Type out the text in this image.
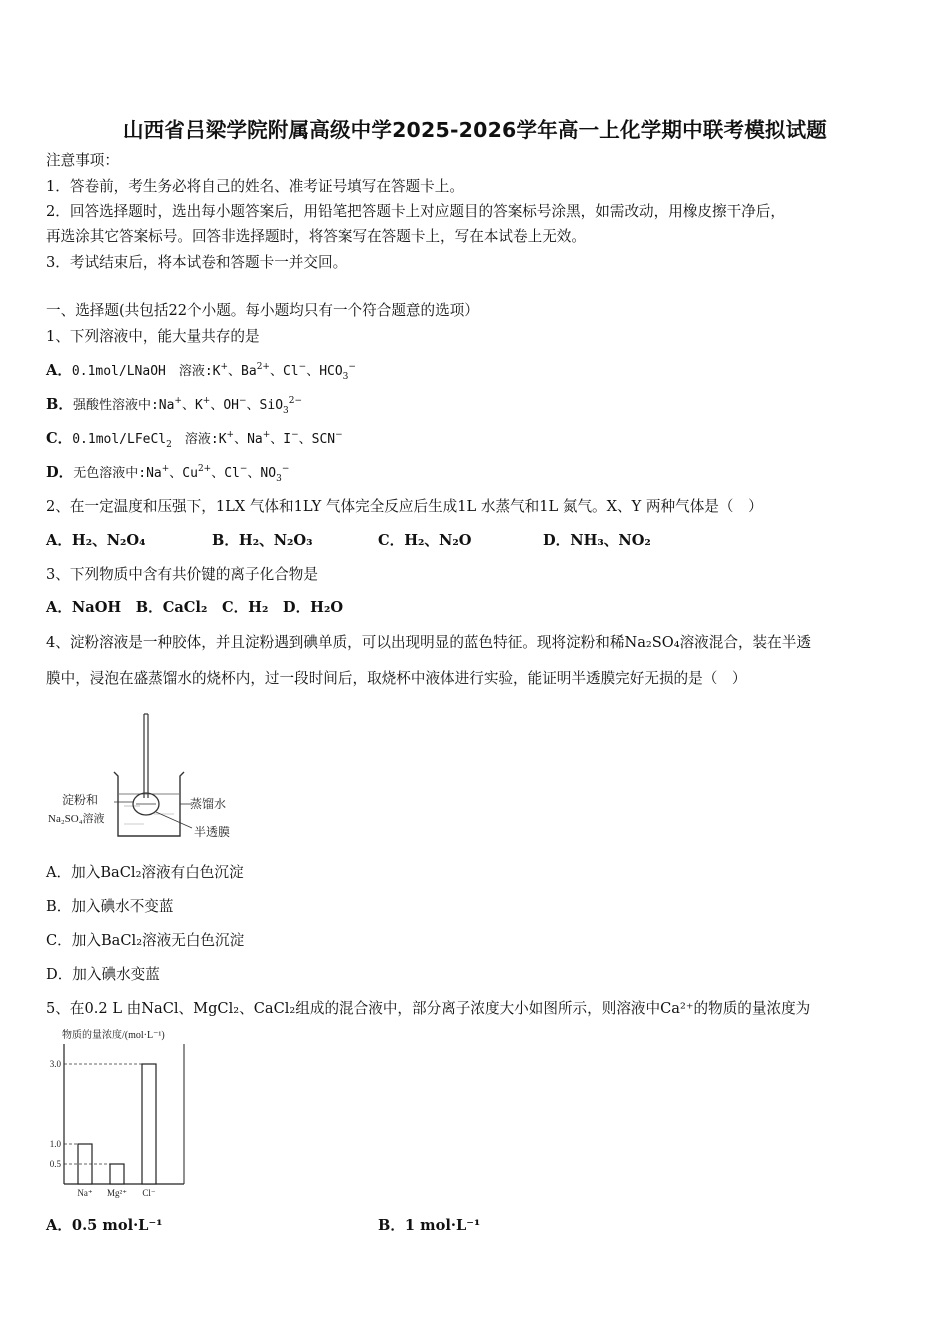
山西省吕梁学院附属高级中学2025-2026学年高一上化学期中联考模拟试题
注意事项：
1．答卷前，考生务必将自己的姓名、准考证号填写在答题卡上。
2．回答选择题时，选出每小题答案后，用铅笔把答题卡上对应题目的答案标号涂黑，如需改动，用橡皮擦干净后，
再选涂其它答案标号。回答非选择题时，将答案写在答题卡上，写在本试卷上无效。
3．考试结束后，将本试卷和答题卡一并交回。
一、选择题(共包括22个小题。每小题均只有一个符合题意的选项）
1、下列溶液中，能大量共存的是
A．0.1mol/LNaOH　溶液:K+、$Ba^{2+}$、Cl−、$HCO_3^-$
B．强酸性溶液中:Na+、K+、OH−、SiO$_3^{2-}$
C．0.1mol/LFeCl$_2$　溶液:K+、Na+、I−、SCN−
D．无色溶液中:Na+、$Cu^{2+}$、Cl−、$NO_3^-$
2、在一定温度和压强下，1LX 气体和1LY 气体完全反应后生成1L 水蒸气和1L 氮气。X、Y 两种气体是（　）
A．H₂、N₂O₄	B．H₂、N₂O₃	C．H₂、N₂O	D．NH₃、NO₂
3、下列物质中含有共价键的离子化合物是
A．NaOH　B．CaCl₂　C．H₂　D．H₂O
4、淀粉溶液是一种胶体，并且淀粉遇到碘单质，可以出现明显的蓝色特征。现将淀粉和稀Na₂SO₄溶液混合，装在半透
膜中，浸泡在盛蒸馏水的烧杯内，过一段时间后，取烧杯中液体进行实验，能证明半透膜完好无损的是（　）
淀粉和
Na₂SO₄溶液
蒸馏水
半透膜
A．加入BaCl₂溶液有白色沉淀
B．加入碘水不变蓝
C．加入BaCl₂溶液无白色沉淀
D．加入碘水变蓝
5、在0.2 L 由NaCl、MgCl₂、CaCl₂组成的混合液中，部分离子浓度大小如图所示，则溶液中Ca²⁺的物质的量浓度为
物质的量浓度/(mol·L⁻¹)
Na⁺ Mg²⁺ Cl⁻
3.0
1.0
0.5
A．0.5 mol·L⁻¹	B．1 mol·L⁻¹
